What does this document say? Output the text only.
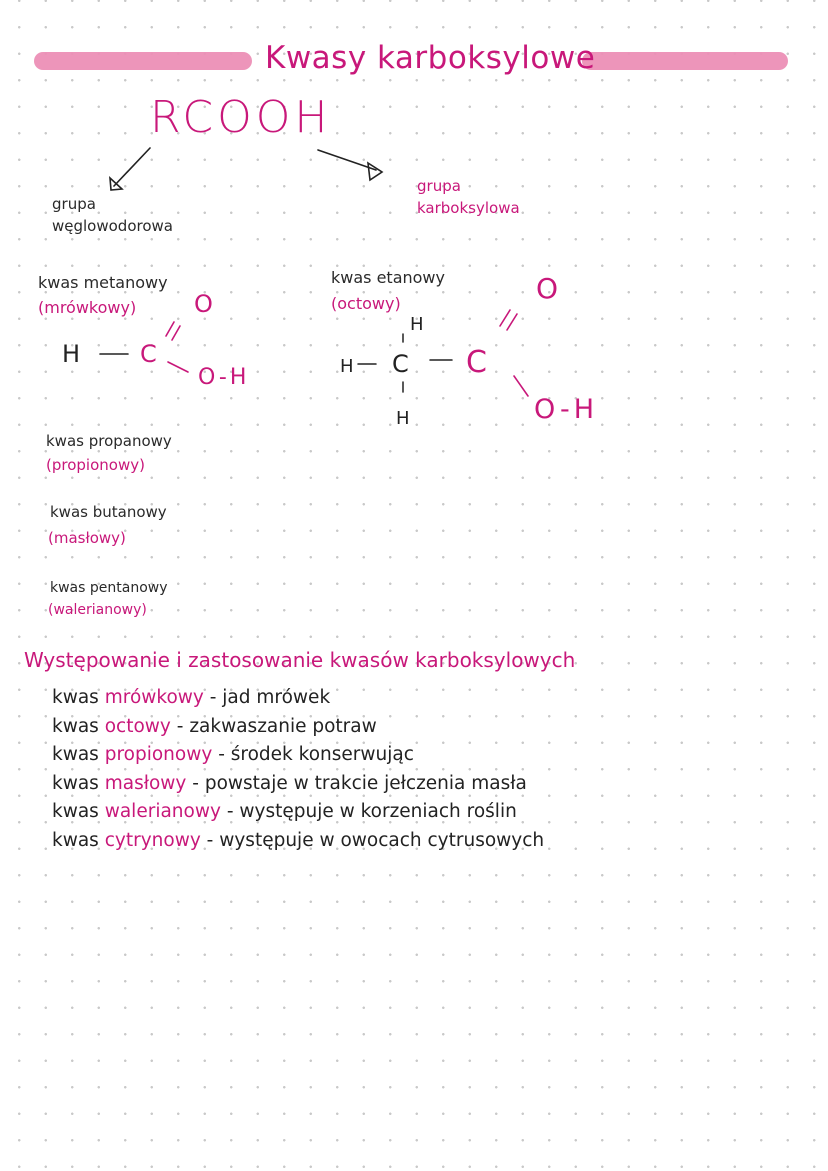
Kwasy karboksylowe
RCOOH
grupa
węglowodorowa
grupa
karboksylowa
kwas metanowy
(mrówkowy)
kwas etanowy
(octowy)
kwas propanowy
(propionowy)
kwas butanowy
(masłowy)
kwas pentanowy
(walerianowy)
H C
O
O-H
H
H C
H
C
O
O-H
Występowanie i zastosowanie kwasów karboksylowych
kwas mrówkowy - jad mrówek
kwas octowy - zakwaszanie potraw
kwas propionowy - środek konserwując
kwas masłowy - powstaje w trakcie jełczenia masła
kwas walerianowy - występuje w korzeniach roślin
kwas cytrynowy - występuje w owocach cytrusowych
